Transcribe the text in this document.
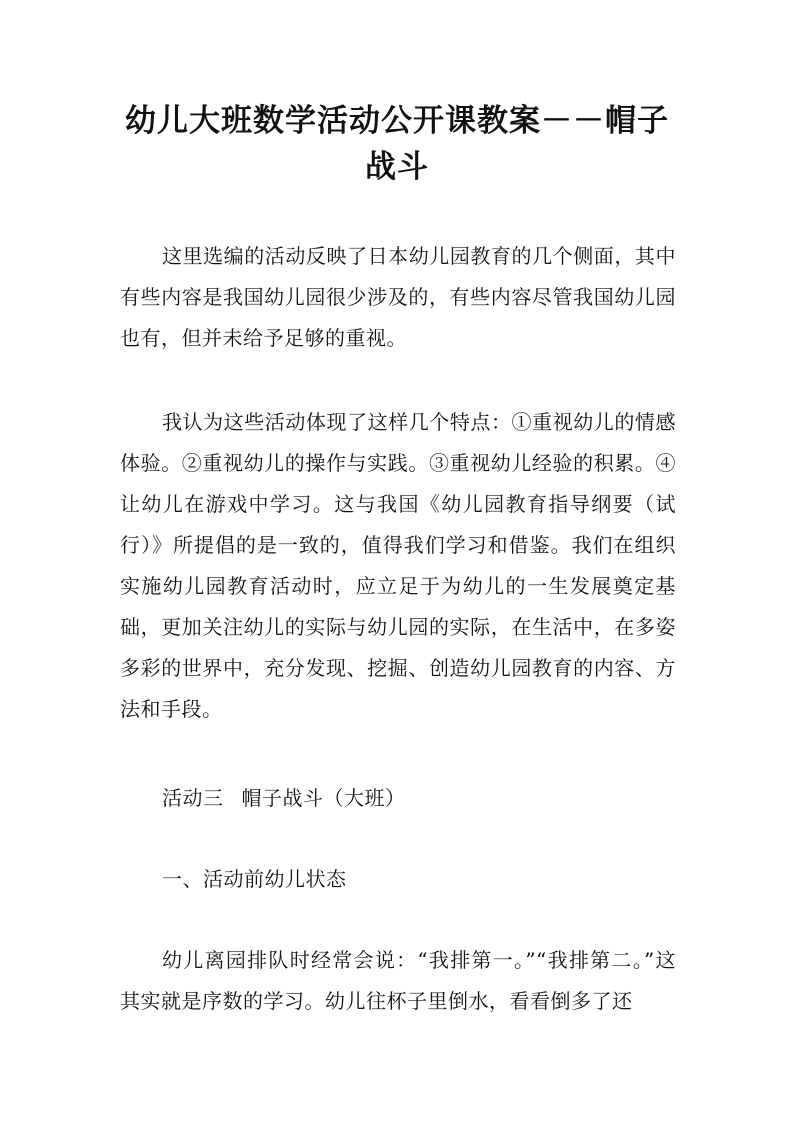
幼儿大班数学活动公开课教案－－帽子战斗

这里选编的活动反映了日本幼儿园教育的几个侧面，其中有些内容是我国幼儿园很少涉及的，有些内容尽管我国幼儿园也有，但并未给予足够的重视。

我认为这些活动体现了这样几个特点：①重视幼儿的情感体验。②重视幼儿的操作与实践。③重视幼儿经验的积累。④让幼儿在游戏中学习。这与我国《幼儿园教育指导纲要（试行）》所提倡的是一致的，值得我们学习和借鉴。我们在组织实施幼儿园教育活动时，应立足于为幼儿的一生发展奠定基础，更加关注幼儿的实际与幼儿园的实际，在生活中，在多姿多彩的世界中，充分发现、挖掘、创造幼儿园教育的内容、方法和手段。

活动三 帽子战斗（大班）

一、活动前幼儿状态

幼儿离园排队时经常会说：“我排第一。”“我排第二。”这其实就是序数的学习。幼儿往杯子里倒水，看看倒多了还
